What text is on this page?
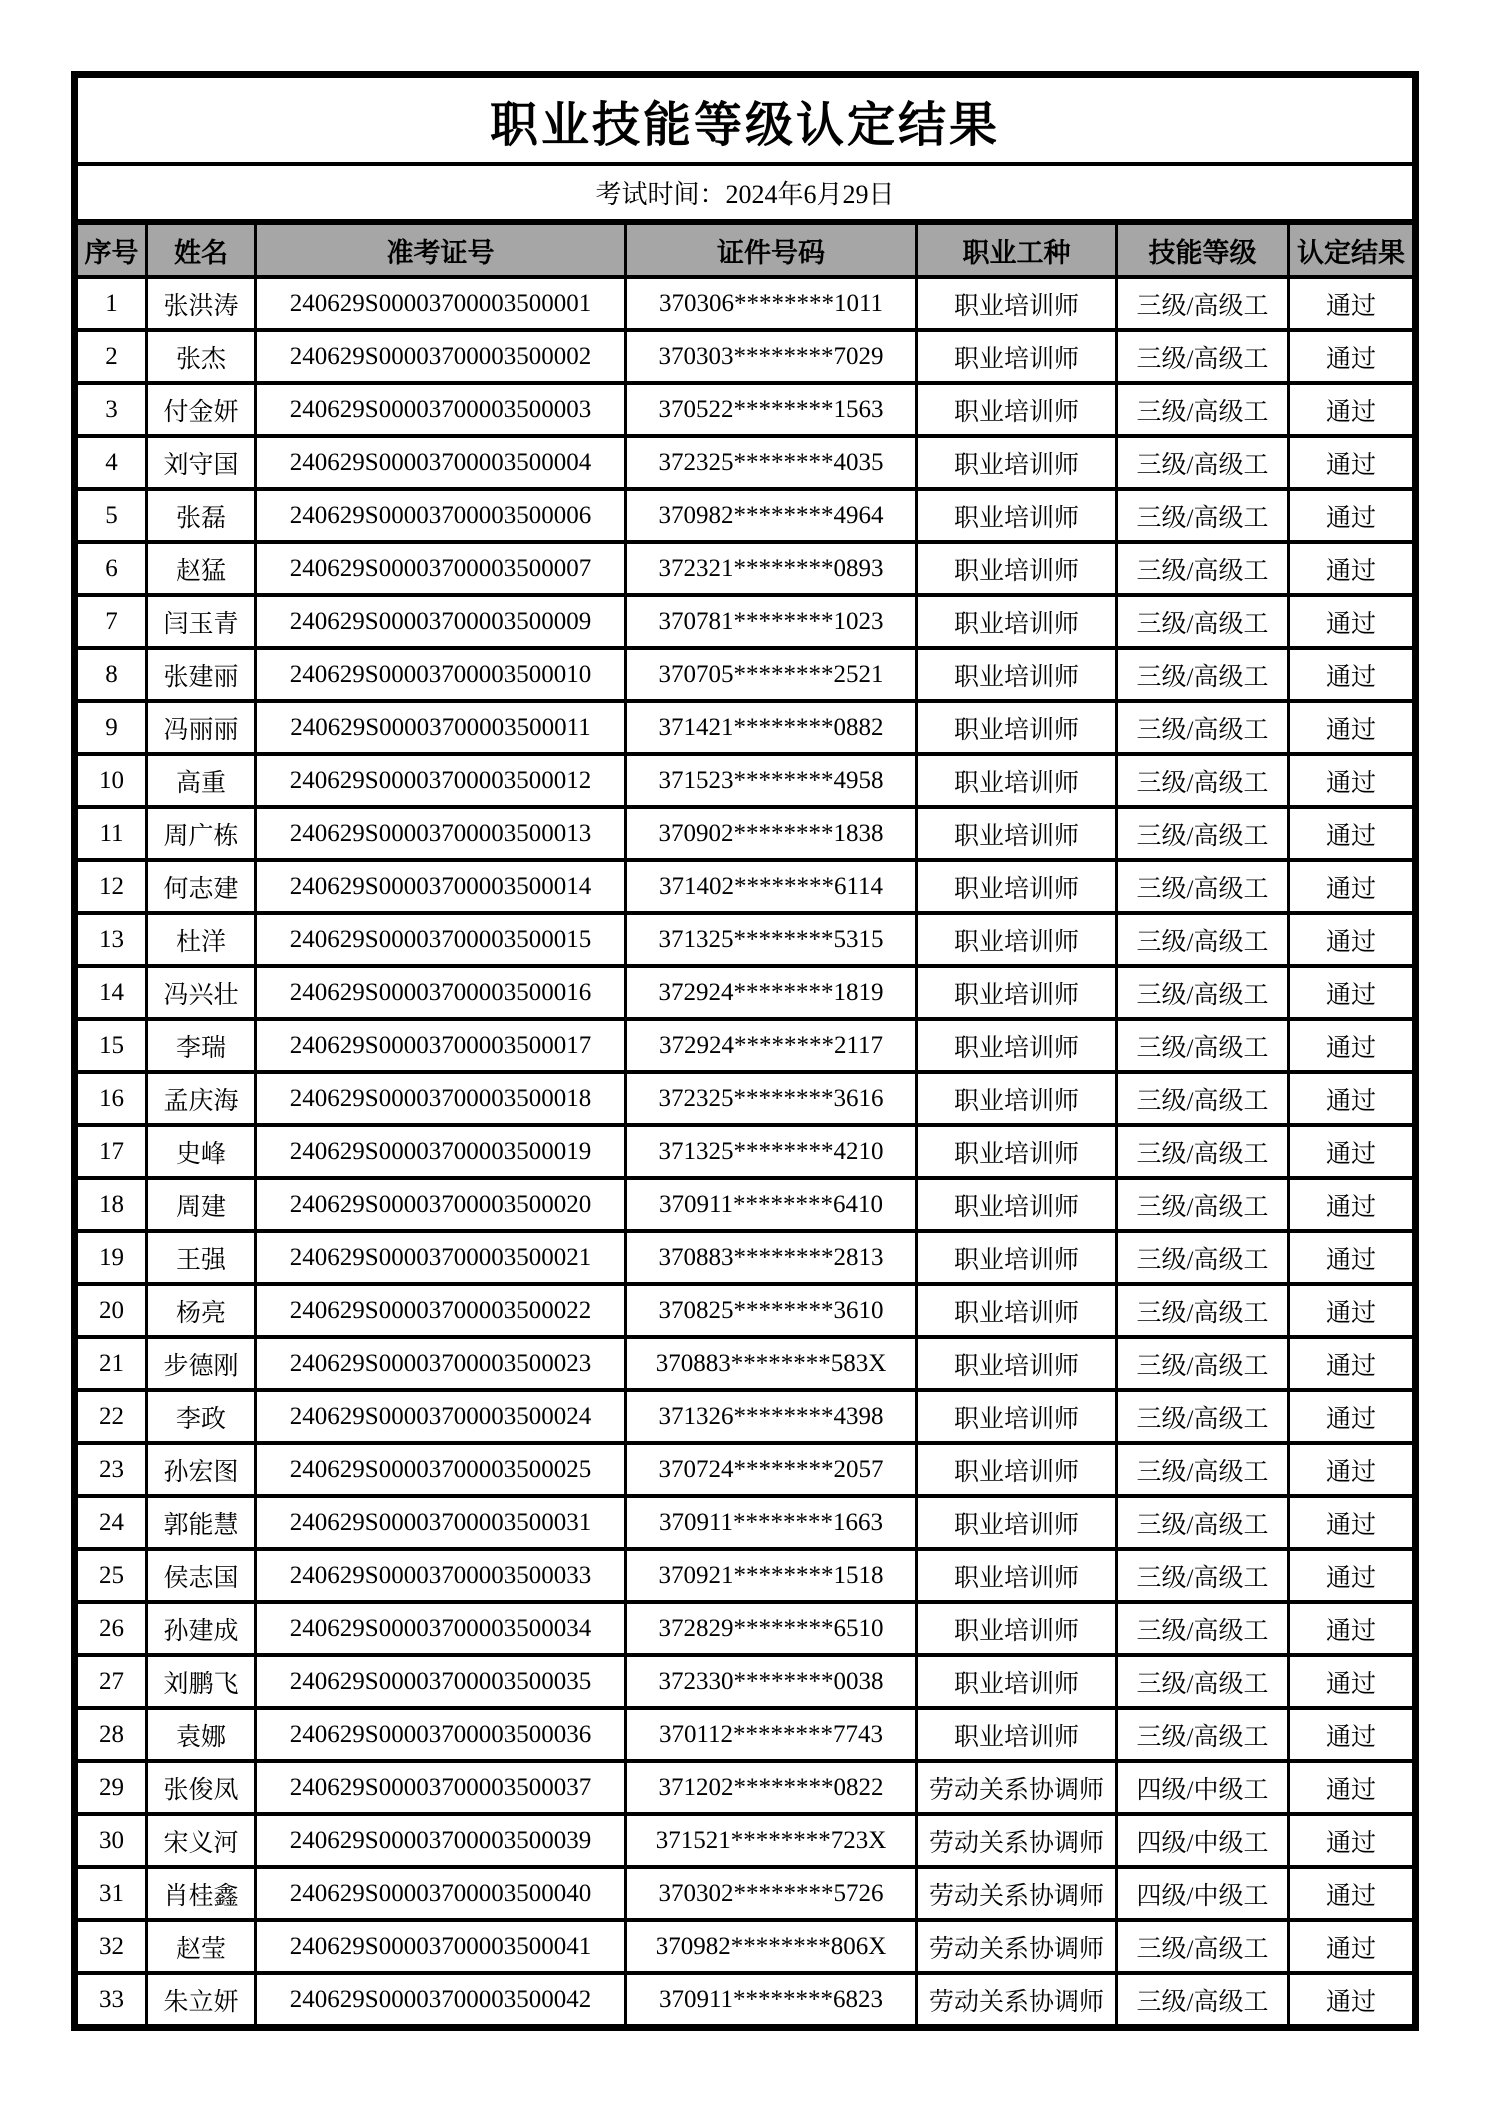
职业技能等级认定结果						
考试时间：2024年6月29日						
序号	姓名	准考证号	证件号码	职业工种	技能等级	认定结果
1	张洪涛	240629S00003700003500001	370306********1011	职业培训师	三级/高级工	通过
2	张杰	240629S00003700003500002	370303********7029	职业培训师	三级/高级工	通过
3	付金妍	240629S00003700003500003	370522********1563	职业培训师	三级/高级工	通过
4	刘守国	240629S00003700003500004	372325********4035	职业培训师	三级/高级工	通过
5	张磊	240629S00003700003500006	370982********4964	职业培训师	三级/高级工	通过
6	赵猛	240629S00003700003500007	372321********0893	职业培训师	三级/高级工	通过
7	闫玉青	240629S00003700003500009	370781********1023	职业培训师	三级/高级工	通过
8	张建丽	240629S00003700003500010	370705********2521	职业培训师	三级/高级工	通过
9	冯丽丽	240629S00003700003500011	371421********0882	职业培训师	三级/高级工	通过
10	高重	240629S00003700003500012	371523********4958	职业培训师	三级/高级工	通过
11	周广栋	240629S00003700003500013	370902********1838	职业培训师	三级/高级工	通过
12	何志建	240629S00003700003500014	371402********6114	职业培训师	三级/高级工	通过
13	杜洋	240629S00003700003500015	371325********5315	职业培训师	三级/高级工	通过
14	冯兴壮	240629S00003700003500016	372924********1819	职业培训师	三级/高级工	通过
15	李瑞	240629S00003700003500017	372924********2117	职业培训师	三级/高级工	通过
16	孟庆海	240629S00003700003500018	372325********3616	职业培训师	三级/高级工	通过
17	史峰	240629S00003700003500019	371325********4210	职业培训师	三级/高级工	通过
18	周建	240629S00003700003500020	370911********6410	职业培训师	三级/高级工	通过
19	王强	240629S00003700003500021	370883********2813	职业培训师	三级/高级工	通过
20	杨亮	240629S00003700003500022	370825********3610	职业培训师	三级/高级工	通过
21	步德刚	240629S00003700003500023	370883********583X	职业培训师	三级/高级工	通过
22	李政	240629S00003700003500024	371326********4398	职业培训师	三级/高级工	通过
23	孙宏图	240629S00003700003500025	370724********2057	职业培训师	三级/高级工	通过
24	郭能慧	240629S00003700003500031	370911********1663	职业培训师	三级/高级工	通过
25	侯志国	240629S00003700003500033	370921********1518	职业培训师	三级/高级工	通过
26	孙建成	240629S00003700003500034	372829********6510	职业培训师	三级/高级工	通过
27	刘鹏飞	240629S00003700003500035	372330********0038	职业培训师	三级/高级工	通过
28	袁娜	240629S00003700003500036	370112********7743	职业培训师	三级/高级工	通过
29	张俊凤	240629S00003700003500037	371202********0822	劳动关系协调师	四级/中级工	通过
30	宋义河	240629S00003700003500039	371521********723X	劳动关系协调师	四级/中级工	通过
31	肖桂鑫	240629S00003700003500040	370302********5726	劳动关系协调师	四级/中级工	通过
32	赵莹	240629S00003700003500041	370982********806X	劳动关系协调师	三级/高级工	通过
33	朱立妍	240629S00003700003500042	370911********6823	劳动关系协调师	三级/高级工	通过
